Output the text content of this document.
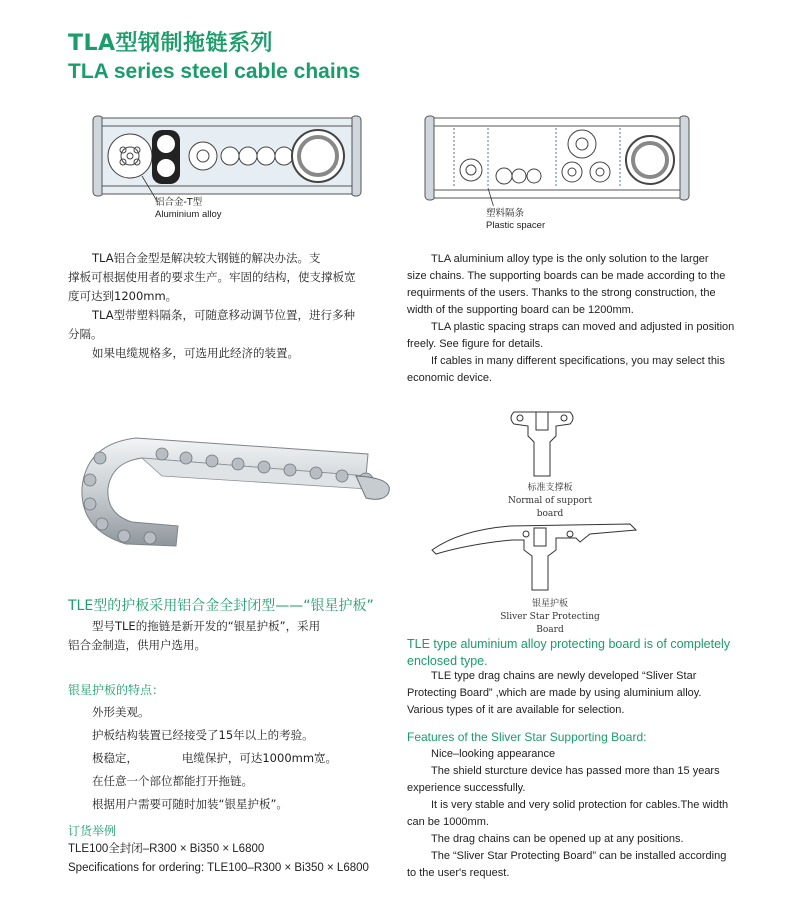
TLA型钢制拖链系列
TLA series steel cable chains
铝合金-T型
Aluminium alloy	塑料隔条
Plastic spacer

TLA铝合金型是解决较大钢链的解决办法。支

撑板可根据使用者的要求生产。牢固的结构，使支撑板宽

度可达到1200mm。

TLA型带塑料隔条，可随意移动调节位置，进行多种

分隔。

如果电缆规格多，可选用此经济的装置。

TLA aluminium alloy type is the only solution to the larger

size chains. The supporting boards can be made according to the

requirments of the users. Thanks to the strong construction, the

width of the supporting board can be 1200mm.

TLA plastic spacing straps can moved and adjusted in position

freely. See figure for details.

If cables in many different specifications, you may select this

economic device.

标准支撑板
Normal of support board
银星护板
Sliver Star Protecting Board
TLE型的护板采用铝合金全封闭型——“银星护板”

型号TLE的拖链是新开发的“银星护板”，采用

铝合金制造，供用户选用。

银星护板的特点：

外形美观。

护板结构装置已经接受了15年以上的考验。

极稳定，            电缆保护，可达1000mm宽。

在任意一个部位都能打开拖链。

根据用户需要可随时加装“银星护板”。

订货举例

TLE100全封闭–R300 × Bi350 × L6800

Specifications for ordering: TLE100–R300 × Bi350 × L6800

TLE type aluminium alloy protecting board is of completely

enclosed type.

TLE type drag chains are newly developed “Sliver Star

Protecting Board” ,which are made by using aluminium alloy.

Various types of it are available for selection.

Features of the Sliver Star Supporting Board:

Nice–looking appearance

The shield sturcture device has passed more than 15 years

experience successfully.

It is very stable and very solid protection for cables.The width

can be 1000mm.

The drag chains can be opened up at any positions.

The “Sliver Star Protecting Board” can be installed according

to the user's request.
